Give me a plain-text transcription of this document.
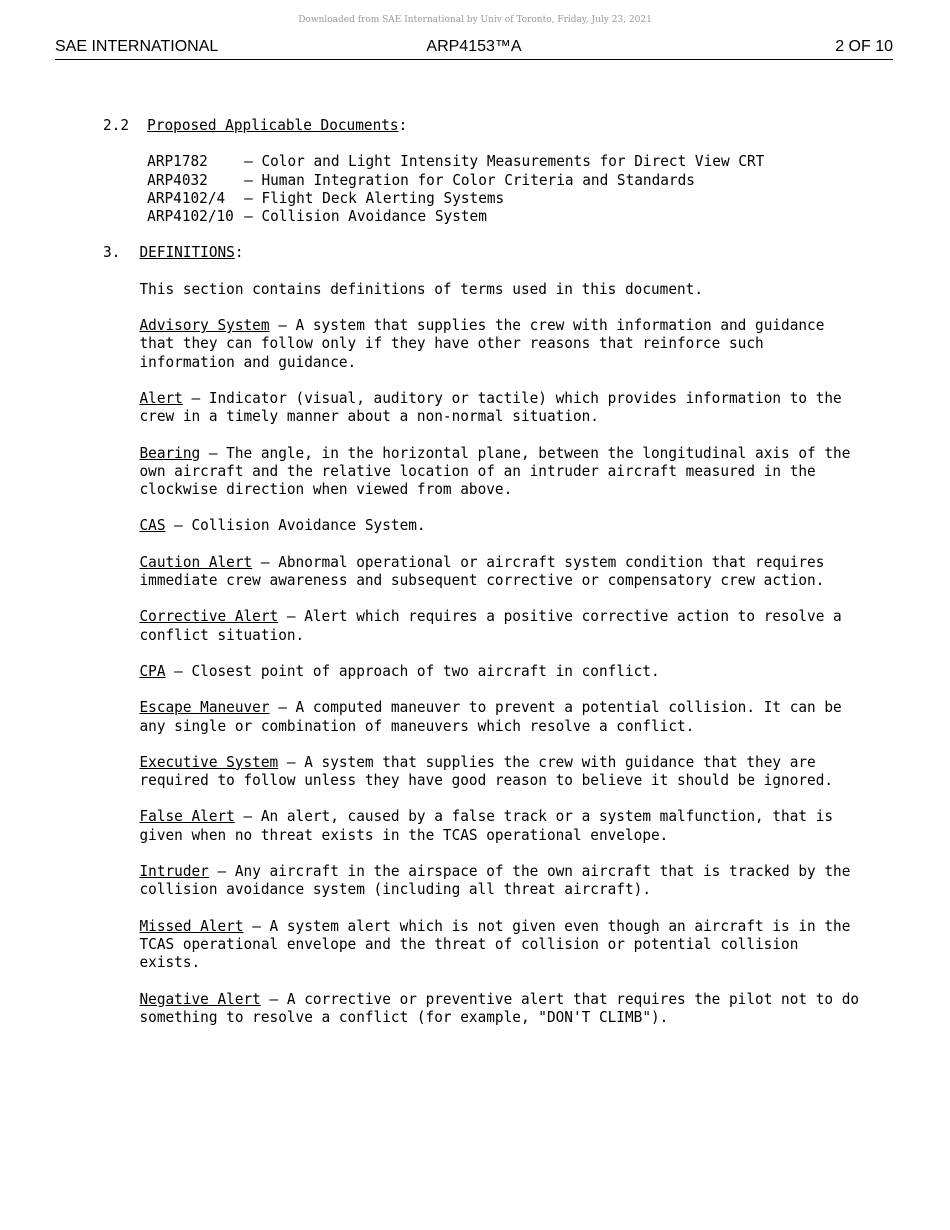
Downloaded from SAE International by Univ of Toronto, Friday, July 23, 2021
SAE INTERNATIONAL	ARP4153™A	2 OF 10
2.2 Proposed Applicable Documents:
ARP1782	– Color and Light Intensity Measurements for Direct View CRT
ARP4032	– Human Integration for Color Criteria and Standards
ARP4102/4	– Flight Deck Alerting Systems
ARP4102/10 – Collision Avoidance System
3. DEFINITIONS:
This section contains definitions of terms used in this document.
Advisory System – A system that supplies the crew with information and guidance that they can follow only if they have other reasons that reinforce such information and guidance.
Alert – Indicator (visual, auditory or tactile) which provides information to the crew in a timely manner about a non-normal situation.
Bearing – The angle, in the horizontal plane, between the longitudinal axis of the own aircraft and the relative location of an intruder aircraft measured in the clockwise direction when viewed from above.
CAS – Collision Avoidance System.
Caution Alert – Abnormal operational or aircraft system condition that requires immediate crew awareness and subsequent corrective or compensatory crew action.
Corrective Alert – Alert which requires a positive corrective action to resolve a conflict situation.
CPA – Closest point of approach of two aircraft in conflict.
Escape Maneuver – A computed maneuver to prevent a potential collision. It can be any single or combination of maneuvers which resolve a conflict.
Executive System – A system that supplies the crew with guidance that they are required to follow unless they have good reason to believe it should be ignored.
False Alert – An alert, caused by a false track or a system malfunction, that is given when no threat exists in the TCAS operational envelope.
Intruder – Any aircraft in the airspace of the own aircraft that is tracked by the collision avoidance system (including all threat aircraft).
Missed Alert – A system alert which is not given even though an aircraft is in the TCAS operational envelope and the threat of collision or potential collision exists.
Negative Alert – A corrective or preventive alert that requires the pilot not to do something to resolve a conflict (for example, "DON'T CLIMB").
